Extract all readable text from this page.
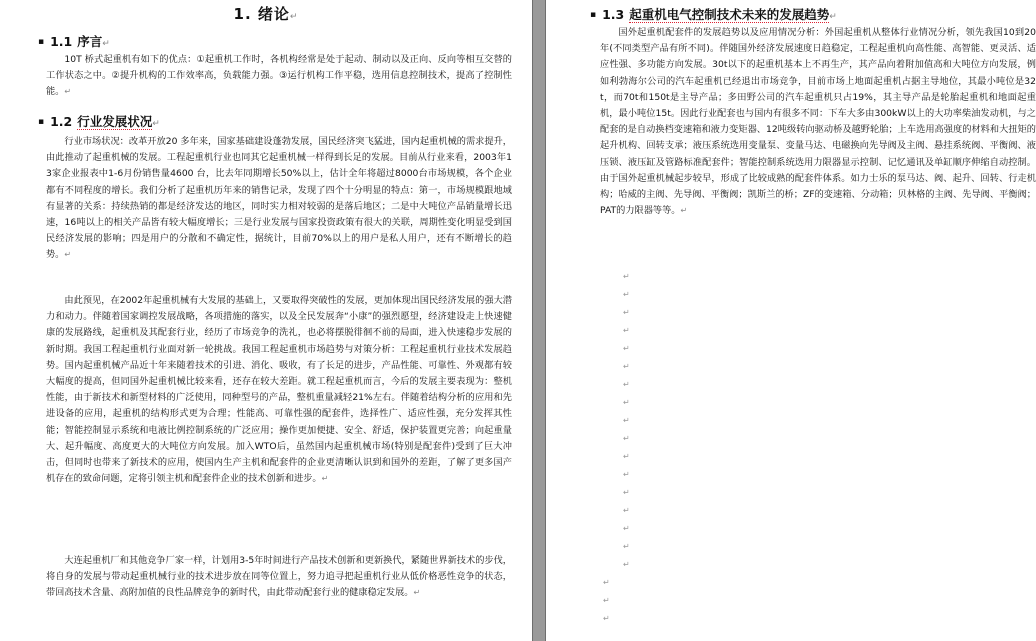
1. 绪论↵
▪ 1.1 序言↵
10T 桥式起重机有如下的优点：①起重机工作时，各机构经常是处于起动、制动以及正向、反向等相互交替的工作状态之中。②提升机构的工作效率高，负载能力强。③运行机构工作平稳，选用信息控制技术，提高了控制性能。↵
▪ 1.2 行业发展状况↵
行业市场状况：改革开放20 多年来，国家基础建设蓬勃发展，国民经济突飞猛进，国内起重机械的需求提升，由此推动了起重机械的发展。工程起重机行业也同其它起重机械一样得到长足的发展。目前从行业来看，2003年13家企业报表中1-6月份销售量4600 台，比去年同期增长50%以上，估计全年将超过8000台市场规模，各个企业都有不同程度的增长。我们分析了起重机历年来的销售记录，发现了四个十分明显的特点：第一，市场规模跟地域有显著的关系：持续热销的都是经济发达的地区，同时实力相对较弱的是落后地区；二是中大吨位产品销量增长迅速，16吨以上的相关产品皆有较大幅度增长；三是行业发展与国家投资政策有很大的关联，周期性变化明显受到国民经济发展的影响；四是用户的分散和不确定性，据统计，目前70%以上的用户是私人用户，还有不断增长的趋势。↵
由此预见，在2002年起重机械有大发展的基础上，又要取得突破性的发展，更加体现出国民经济发展的强大潜力和动力。伴随着国家调控发展战略，各项措施的落实，以及全民发展奔“小康”的强烈愿望，经济建设走上快速健康的发展路线，起重机及其配套行业，经历了市场竞争的洗礼，也必将摆脱徘徊不前的局面，进入快速稳步发展的新时期。我国工程起重机行业面对新一轮挑战。我国工程起重机市场趋势与对策分析：工程起重机行业技术发展趋势。国内起重机械产品近十年来随着技术的引进、消化、吸收，有了长足的进步，产品性能、可靠性、外观都有较大幅度的提高，但同国外起重机械比较来看，还存在较大差距。就工程起重机而言，今后的发展主要表现为：整机性能，由于新技术和新型材料的广泛使用，同种型号的产品，整机重量减轻21%左右。伴随着结构分析的应用和先进设备的应用，起重机的结构形式更为合理；性能高、可靠性强的配套件，选择性广、适应性强，充分发挥其性能；智能控制显示系统和电液比例控制系统的广泛应用；操作更加便捷、安全、舒适，保护装置更完善；向起重量大、起升幅度、高度更大的大吨位方向发展。加入WTO后，虽然国内起重机械市场(特别是配套件)受到了巨大冲击，但同时也带来了新技术的应用，使国内生产主机和配套件的企业更清晰认识到和国外的差距，了解了更多国产机存在的致命问题，定将引领主机和配套件企业的技术创新和进步。↵
大连起重机厂和其他竞争厂家一样，计划用3-5年时间进行产品技术创新和更新换代，紧随世界新技术的步伐，将自身的发展与带动起重机械行业的技术进步放在同等位置上，努力追寻把起重机行业从低价格恶性竞争的状态，带回高技术含量、高附加值的良性品牌竞争的新时代，由此带动配套行业的健康稳定发展。↵
▪ 1.3 起重机电气控制技术未来的发展趋势↵
国外起重机配套件的发展趋势以及应用情况分析：外国起重机从整体行业情况分析，领先我国10到20 年(不同类型产品有所不同)。伴随国外经济发展速度日趋稳定，工程起重机向高性能、高智能、更灵活、适应性强、多功能方向发展。30t以下的起重机基本上不再生产，其产品向着附加值高和大吨位方向发展，例如利勃海尔公司的汽车起重机已经退出市场竞争，目前市场上地面起重机占据主导地位，其最小吨位是32t，而70t和150t是主导产品；多田野公司的汽车起重机只占19%，其主导产品是轮胎起重机和地面起重机，最小吨位15t。因此行业配套也与国内有很多不同：下车大多由300kW以上的大功率柴油发动机，与之配套的是自动换档变速箱和液力变矩器、12吨级转向驱动桥及越野轮胎；上车选用高强度的材料和大扭矩的起升机构、回转支承；液压系统选用变量泵、变量马达、电磁换向先导阀及主阀、悬挂系统阀、平衡阀、液压锁、液压缸及管路标准配套件；智能控制系统选用力限器显示控制、记忆通讯及单缸顺序伸缩自动控制。由于国外起重机械起步较早，形成了比较成熟的配套件体系。如力士乐的泵马达、阀、起升、回转、行走机构；哈威的主阀、先导阀、平衡阀；凯斯兰的桥；ZF的变速箱、分动箱；贝林格的主阀、先导阀、平衡阀；PAT的力限器等等。↵
↵
↵
↵
↵
↵
↵
↵
↵
↵
↵
↵
↵
↵
↵
↵
↵
↵
↵
↵
↵
